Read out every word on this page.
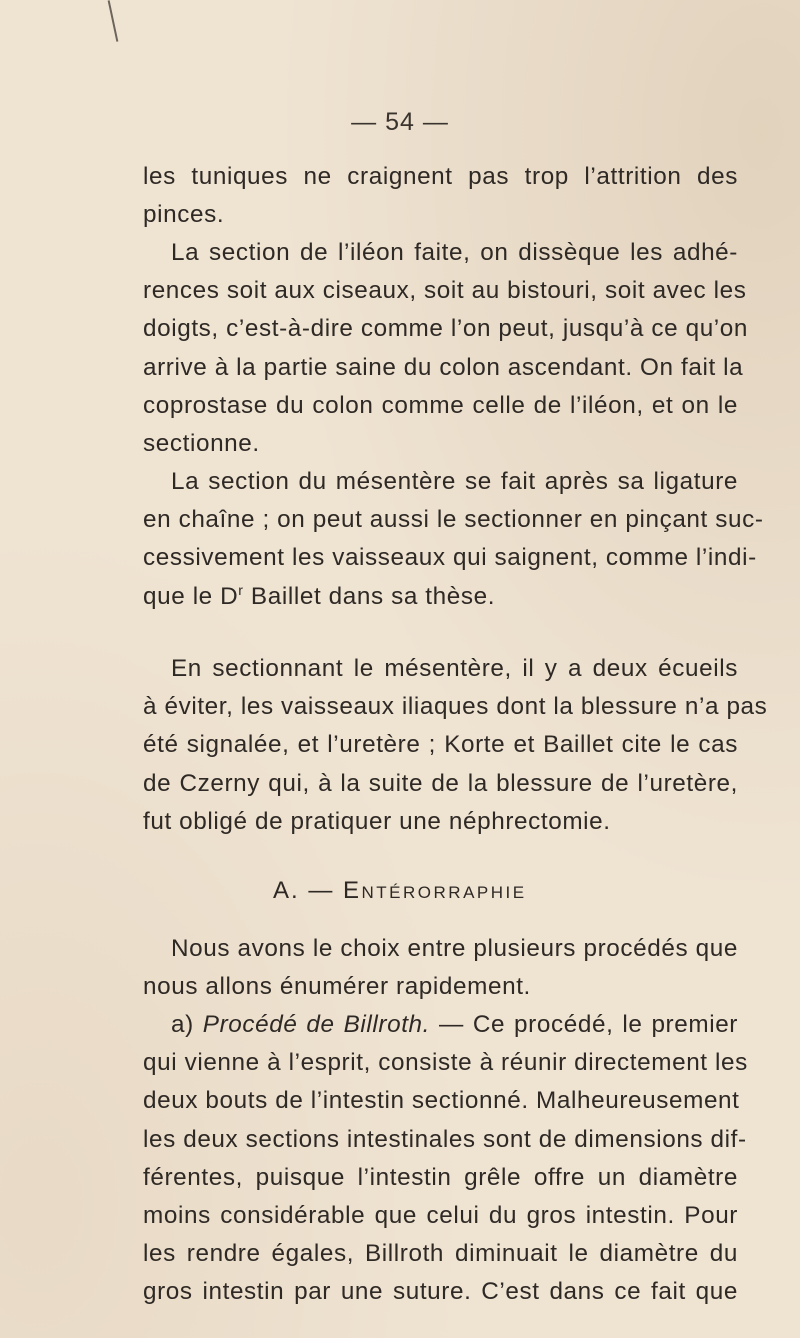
— 54 —
les tuniques ne craignent pas trop l’attrition des
pinces.
La section de l’iléon faite, on dissèque les adhé-
rences soit aux ciseaux, soit au bistouri, soit avec les
doigts, c’est-à-dire comme l’on peut, jusqu’à ce qu’on
arrive à la partie saine du colon ascendant. On fait la
coprostase du colon comme celle de l’iléon, et on le
sectionne.
La section du mésentère se fait après sa ligature
en chaîne ; on peut aussi le sectionner en pinçant suc-
cessivement les vaisseaux qui saignent, comme l’indi-
que le $D^r$ Baillet dans sa thèse.
En sectionnant le mésentère, il y a deux écueils
à éviter, les vaisseaux iliaques dont la blessure n’a pas
été signalée, et l’uretère ; Korte et Baillet cite le cas
de Czerny qui, à la suite de la blessure de l’uretère,
fut obligé de pratiquer une néphrectomie.
A. — Entérorraphie
Nous avons le choix entre plusieurs procédés que
nous allons énumérer rapidement.
a) Procédé de Billroth. — Ce procédé, le premier
qui vienne à l’esprit, consiste à réunir directement les
deux bouts de l’intestin sectionné. Malheureusement
les deux sections intestinales sont de dimensions dif-
férentes, puisque l’intestin grêle offre un diamètre
moins considérable que celui du gros intestin. Pour
les rendre égales, Billroth diminuait le diamètre du
gros intestin par une suture. C’est dans ce fait que
